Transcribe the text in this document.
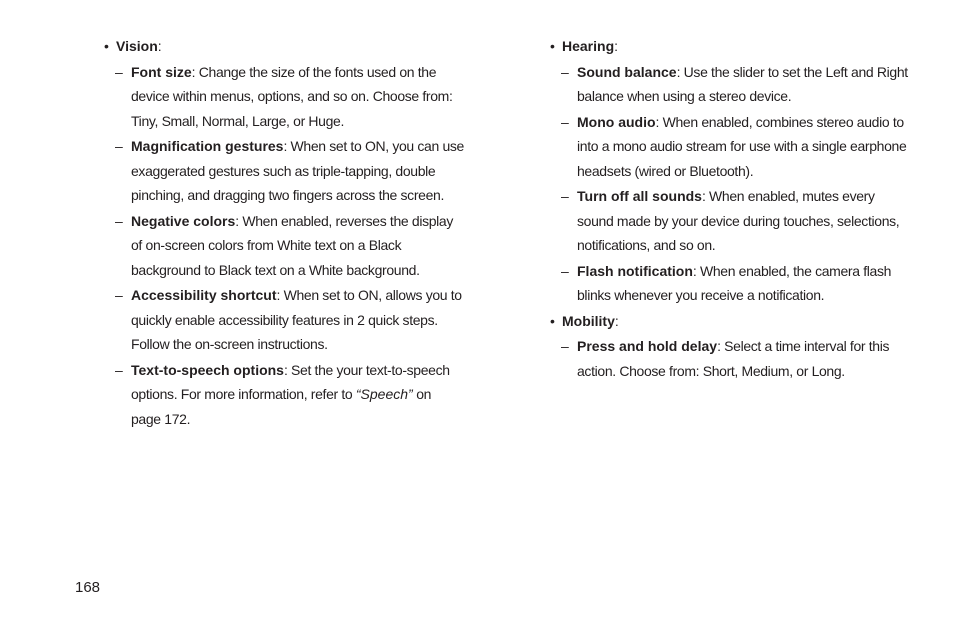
• Vision:
– Font size: Change the size of the fonts used on the device within menus, options, and so on. Choose from: Tiny, Small, Normal, Large, or Huge.
– Magnification gestures: When set to ON, you can use exaggerated gestures such as triple-tapping, double pinching, and dragging two fingers across the screen.
– Negative colors: When enabled, reverses the display of on-screen colors from White text on a Black background to Black text on a White background.
– Accessibility shortcut: When set to ON, allows you to quickly enable accessibility features in 2 quick steps. Follow the on-screen instructions.
– Text-to-speech options: Set the your text-to-speech options. For more information, refer to “Speech” on page 172.
• Hearing:
– Sound balance: Use the slider to set the Left and Right balance when using a stereo device.
– Mono audio: When enabled, combines stereo audio to into a mono audio stream for use with a single earphone headsets (wired or Bluetooth).
– Turn off all sounds: When enabled, mutes every sound made by your device during touches, selections, notifications, and so on.
– Flash notification: When enabled, the camera flash blinks whenever you receive a notification.
• Mobility:
– Press and hold delay: Select a time interval for this action. Choose from: Short, Medium, or Long.
168
